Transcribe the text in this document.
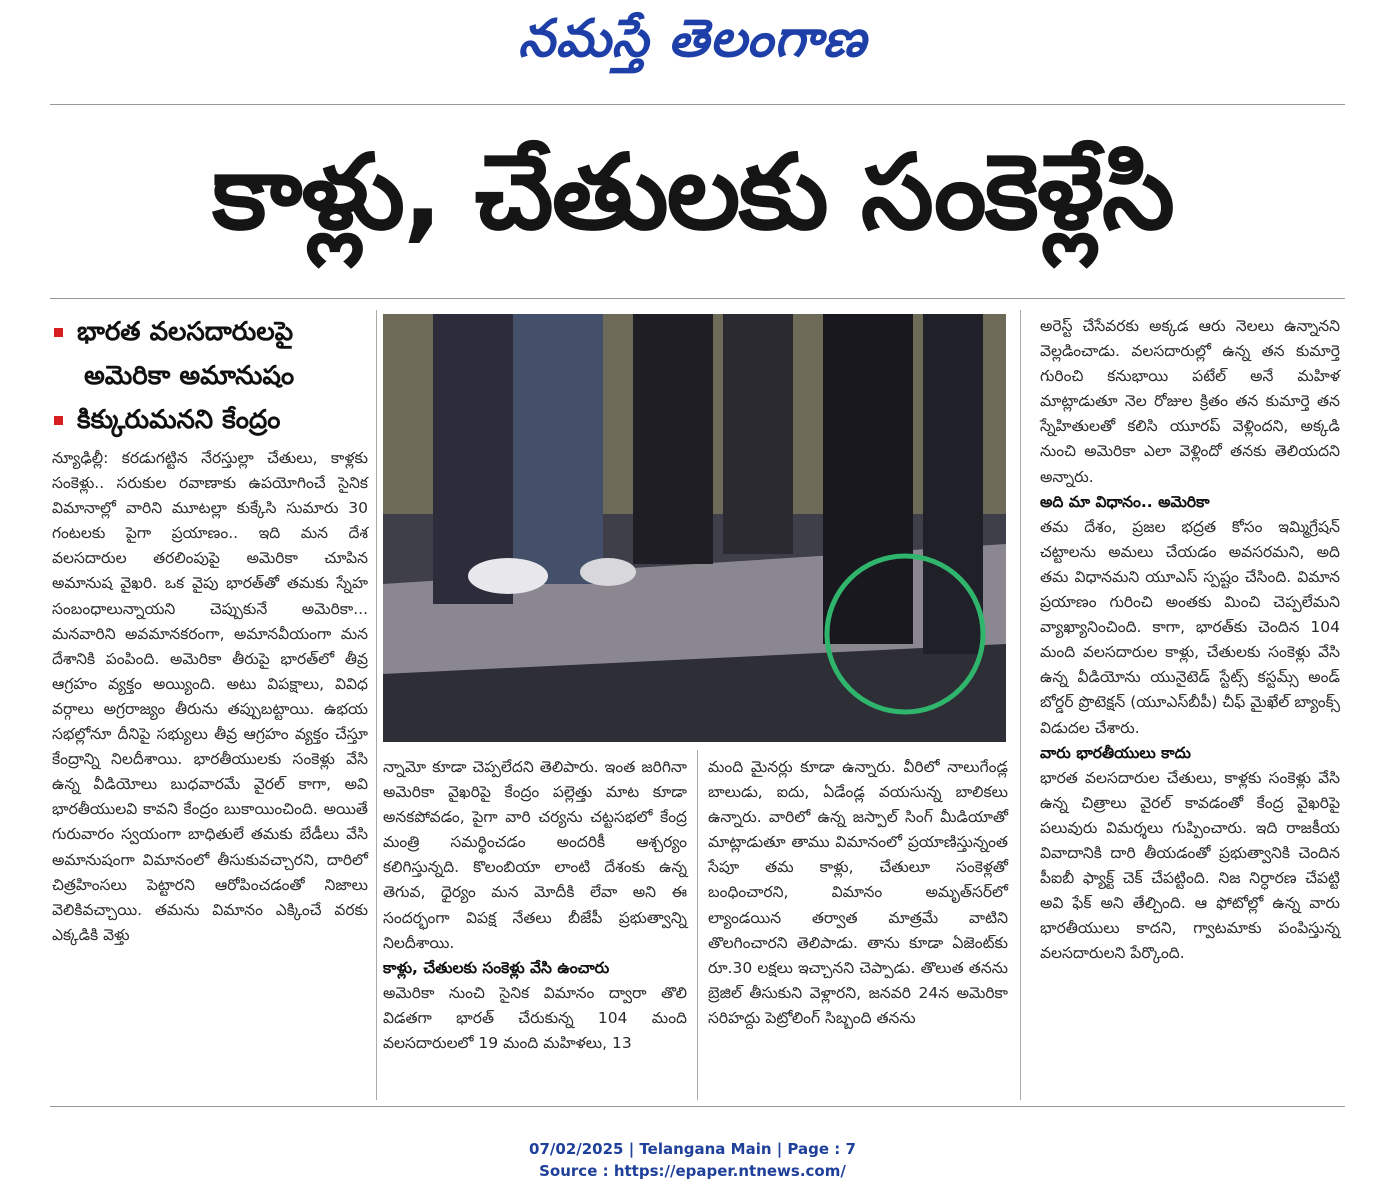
నమస్తే తెలంగాణ
కాళ్లు, చేతులకు సంకెళ్లేసి
భారత వలసదారులపై
అమెరికా అమానుషం
కిక్కురుమనని కేంద్రం

న్యూఢిల్లీ: కరడుగట్టిన నేరస్తుల్లా చేతులు, కాళ్లకు సంకెళ్లు.. సరుకుల రవాణాకు ఉపయోగించే సైనిక విమానాల్లో వారిని మూటల్లా కుక్కేసి సుమారు 30 గంటలకు పైగా ప్రయాణం.. ఇది మన దేశ వలసదారుల తరలింపుపై అమెరికా చూపిన అమానుష వైఖరి. ఒక వైపు భారత్‌తో తమకు స్నేహ సంబంధాలున్నాయని చెప్పుకునే అమెరికా... మనవారిని అవమానకరంగా, అమానవీయంగా మన దేశానికి పంపింది. అమెరికా తీరుపై భారత్‌లో తీవ్ర ఆగ్రహం వ్యక్తం అయ్యింది. అటు విపక్షాలు, వివిధ వర్గాలు అగ్రరాజ్యం తీరును తప్పుబట్టాయి. ఉభయ సభల్లోనూ దీనిపై సభ్యులు తీవ్ర ఆగ్రహం వ్యక్తం చేస్తూ కేంద్రాన్ని నిలదీశాయి. భారతీయులకు సంకెళ్లు వేసి ఉన్న వీడియోలు బుధవారమే వైరల్ కాగా, అవి భారతీయులవి కావని కేంద్రం బుకాయించింది. అయితే గురువారం స్వయంగా బాధితులే తమకు బేడీలు వేసి అమానుషంగా విమానంలో తీసుకువచ్చారని, దారిలో చిత్రహింసలు పెట్టారని ఆరోపించడంతో నిజాలు వెలికివచ్చాయి. తమను విమానం ఎక్కించే వరకు ఎక్కడికి వెళ్తు

న్నామో కూడా చెప్పలేదని తెలిపారు. ఇంత జరిగినా అమెరికా వైఖరిపై కేంద్రం పల్లెత్తు మాట కూడా అనకపోవడం, పైగా వారి చర్యను చట్టసభలో కేంద్ర మంత్రి సమర్థించడం అందరికీ ఆశ్చర్యం కలిగిస్తున్నది. కొలంబియా లాంటి దేశంకు ఉన్న తెగువ, ధైర్యం మన మోదీకి లేవా అని ఈ సందర్భంగా విపక్ష నేతలు బీజేపీ ప్రభుత్వాన్ని నిలదీశాయి.

కాళ్లు, చేతులకు సంకెళ్లు వేసి ఉంచారు

అమెరికా నుంచి సైనిక విమానం ద్వారా తొలి విడతగా భారత్ చేరుకున్న 104 మంది వలసదారులలో 19 మంది మహిళలు, 13

మంది మైనర్లు కూడా ఉన్నారు. వీరిలో నాలుగేండ్ల బాలుడు, ఐదు, ఏడేండ్ల వయసున్న బాలికలు ఉన్నారు. వారిలో ఉన్న జస్పాల్ సింగ్ మీడియాతో మాట్లాడుతూ తాము విమానంలో ప్రయాణిస్తున్నంత సేపూ తమ కాళ్లు, చేతులూ సంకెళ్లతో బంధించారని, విమానం అమృత్‌సర్‌లో ల్యాండయిన తర్వాత మాత్రమే వాటిని తొలగించారని తెలిపాడు. తాను కూడా ఏజెంట్‌కు రూ.30 లక్షలు ఇచ్చానని చెప్పాడు. తొలుత తనను బ్రెజిల్ తీసుకుని వెళ్లారని, జనవరి 24న అమెరికా సరిహద్దు పెట్రోలింగ్ సిబ్బంది తనను

అరెస్ట్ చేసేవరకు అక్కడ ఆరు నెలలు ఉన్నానని వెల్లడించాడు. వలసదారుల్లో ఉన్న తన కుమార్తె గురించి కనుభాయి పటేల్ అనే మహిళ మాట్లాడుతూ నెల రోజుల క్రితం తన కుమార్తె తన స్నేహితులతో కలిసి యూరప్ వెళ్లిందని, అక్కడి నుంచి అమెరికా ఎలా వెళ్లిందో తనకు తెలియదని అన్నారు.

అది మా విధానం.. అమెరికా

తమ దేశం, ప్రజల భద్రత కోసం ఇమ్మిగ్రేషన్ చట్టాలను అమలు చేయడం అవసరమని, అది తమ విధానమని యూఎస్ స్పష్టం చేసింది. విమాన ప్రయాణం గురించి అంతకు మించి చెప్పలేమని వ్యాఖ్యానించింది. కాగా, భారత్‌కు చెందిన 104 మంది వలసదారుల కాళ్లు, చేతులకు సంకెళ్లు వేసి ఉన్న వీడియోను యునైటెడ్ స్టేట్స్ కస్టమ్స్ అండ్ బోర్డర్ ప్రొటెక్షన్ (యూఎస్‌బీపీ) చీఫ్ మైఖేల్ బ్యాంక్స్ విడుదల చేశారు.

వారు భారతీయులు కాదు

భారత వలసదారుల చేతులు, కాళ్లకు సంకెళ్లు వేసి ఉన్న చిత్రాలు వైరల్ కావడంతో కేంద్ర వైఖరిపై పలువురు విమర్శలు గుప్పించారు. ఇది రాజకీయ వివాదానికి దారి తీయడంతో ప్రభుత్వానికి చెందిన పీఐబీ ఫ్యాక్ట్ చెక్ చేపట్టింది. నిజ నిర్ధారణ చేపట్టి అవి ఫేక్ అని తేల్చింది. ఆ ఫోటోల్లో ఉన్న వారు భారతీయులు కాదని, గ్వాటమాకు పంపిస్తున్న వలసదారులని పేర్కొంది.

07/02/2025 | Telangana Main | Page : 7
Source : https://epaper.ntnews.com/
